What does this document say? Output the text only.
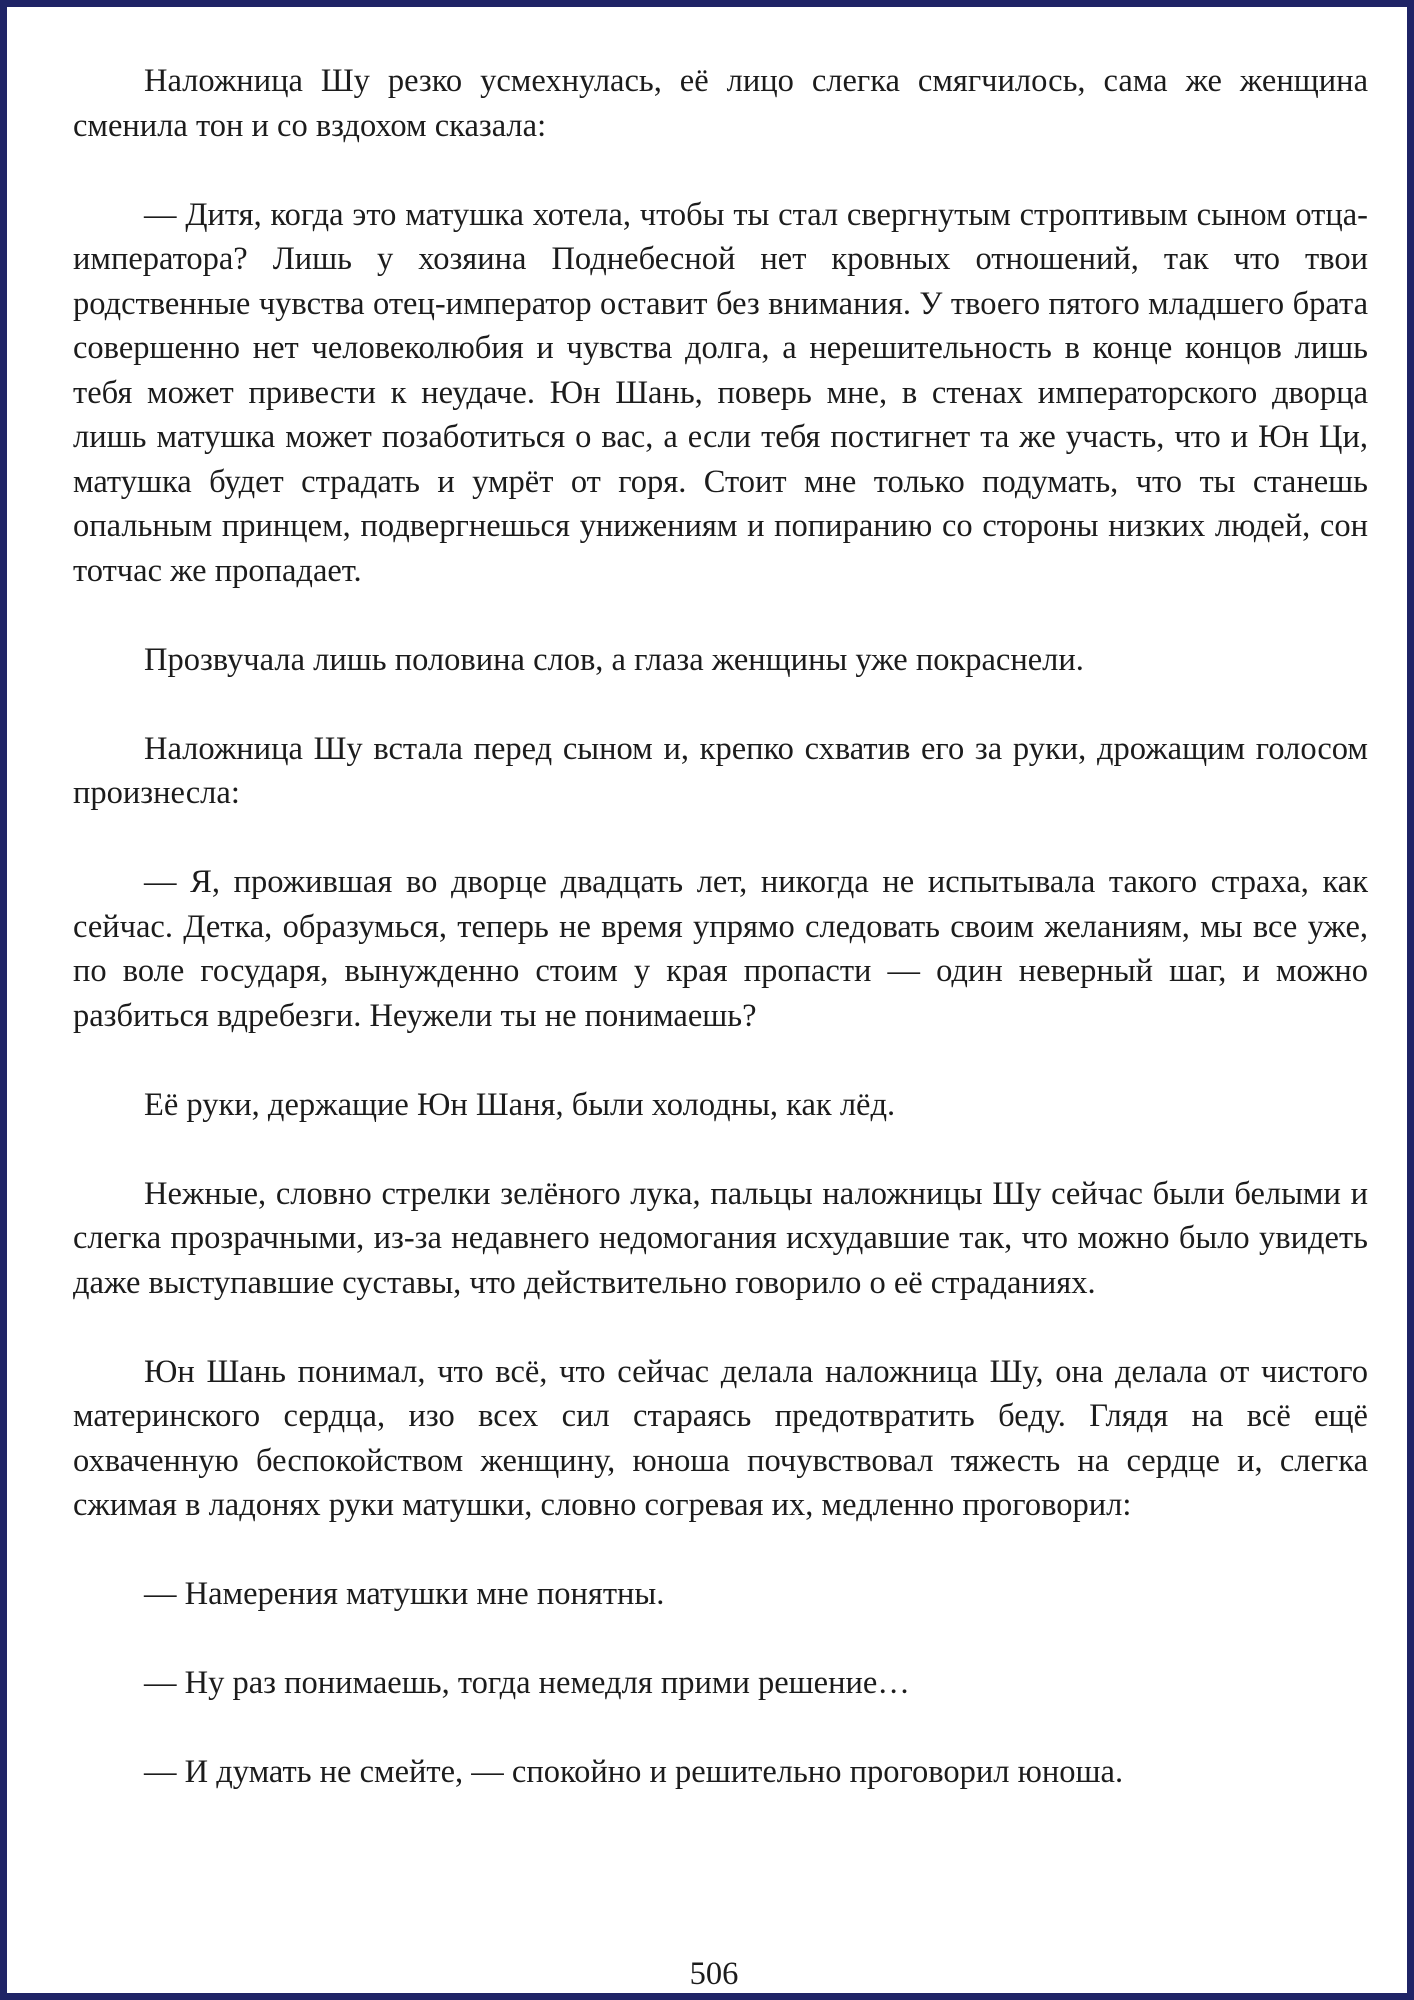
Наложница Шу резко усмехнулась, её лицо слегка смягчилось, сама же женщина сменила тон и со вздохом сказала:

— Дитя, когда это матушка хотела, чтобы ты стал свергнутым строптивым сыном отца-императора? Лишь у хозяина Поднебесной нет кровных отношений, так что твои родственные чувства отец-император оставит без внимания. У твоего пятого младшего брата совершенно нет человеколюбия и чувства долга, а нерешительность в конце концов лишь тебя может привести к неудаче. Юн Шань, поверь мне, в стенах императорского дворца лишь матушка может позаботиться о вас, а если тебя постигнет та же участь, что и Юн Ци, матушка будет страдать и умрёт от горя. Стоит мне только подумать, что ты станешь опальным принцем, подвергнешься унижениям и попиранию со стороны низких людей, сон тотчас же пропадает.

Прозвучала лишь половина слов, а глаза женщины уже покраснели.

Наложница Шу встала перед сыном и, крепко схватив его за руки, дрожащим голосом произнесла:

— Я, прожившая во дворце двадцать лет, никогда не испытывала такого страха, как сейчас. Детка, образумься, теперь не время упрямо следовать своим желаниям, мы все уже, по воле государя, вынужденно стоим у края пропасти — один неверный шаг, и можно разбиться вдребезги. Неужели ты не понимаешь?

Её руки, держащие Юн Шаня, были холодны, как лёд.

Нежные, словно стрелки зелёного лука, пальцы наложницы Шу сейчас были белыми и слегка прозрачными, из-за недавнего недомогания исхудавшие так, что можно было увидеть даже выступавшие суставы, что действительно говорило о её страданиях.

Юн Шань понимал, что всё, что сейчас делала наложница Шу, она делала от чистого материнского сердца, изо всех сил стараясь предотвратить беду. Глядя на всё ещё охваченную беспокойством женщину, юноша почувствовал тяжесть на сердце и, слегка сжимая в ладонях руки матушки, словно согревая их, медленно проговорил:

— Намерения матушки мне понятны.

— Ну раз понимаешь, тогда немедля прими решение…

— И думать не смейте, — спокойно и решительно проговорил юноша.

506
